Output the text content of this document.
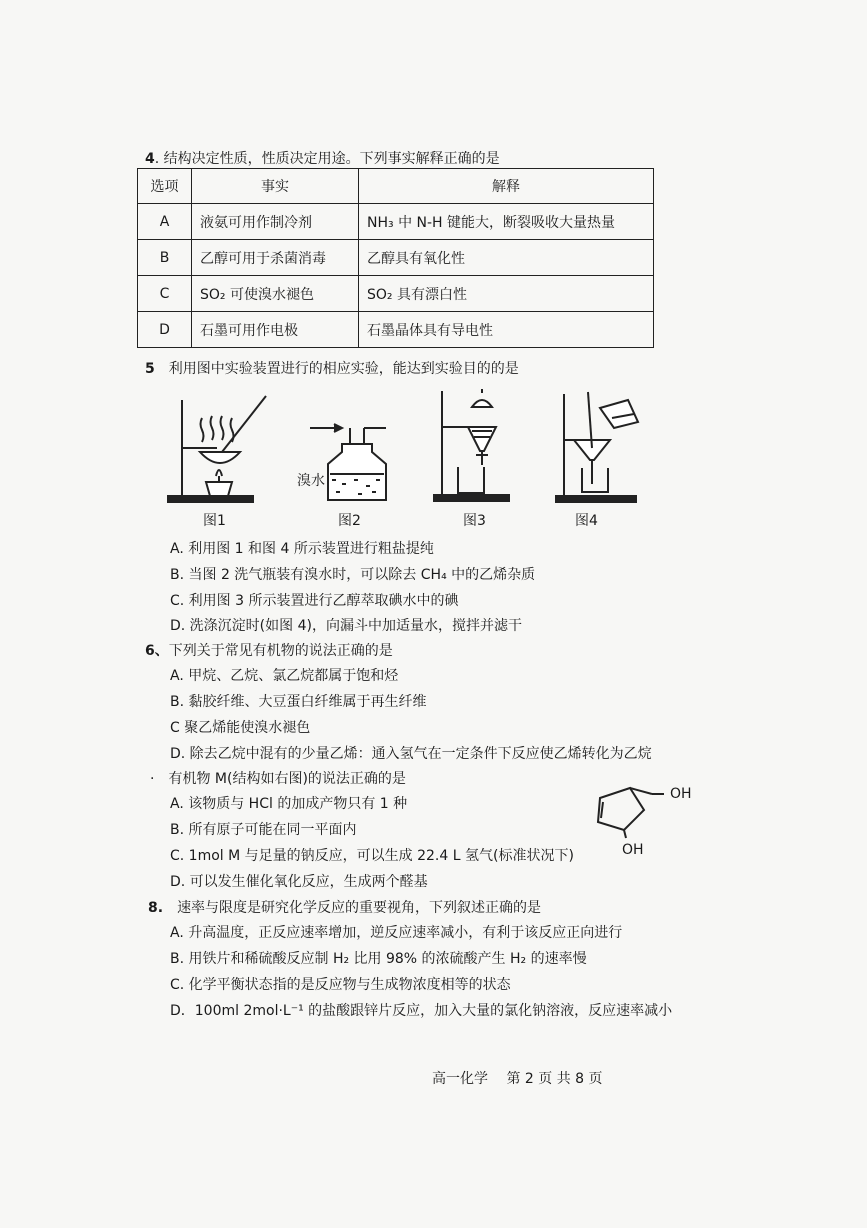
4. 结构决定性质，性质决定用途。下列事实解释正确的是
选项	事实	解释
A	液氨可用作制冷剂	NH₃ 中 N-H 键能大，断裂吸收大量热量
B	乙醇可用于杀菌消毒	乙醇具有氧化性
C	SO₂ 可使溴水褪色	SO₂ 具有漂白性
D	石墨可用作电极	石墨晶体具有导电性
5　 利用图中实验装置进行的相应实验，能达到实验目的的是
图1
溴水
图2	图3	图4
A. 利用图 1 和图 4 所示装置进行粗盐提纯
B. 当图 2 洗气瓶装有溴水时，可以除去 CH₄ 中的乙烯杂质
C. 利用图 3 所示装置进行乙醇萃取碘水中的碘
D. 洗涤沉淀时(如图 4)，向漏斗中加适量水，搅拌并滤干
6、下列关于常见有机物的说法正确的是
A. 甲烷、乙烷、氯乙烷都属于饱和烃
B. 黏胶纤维、大豆蛋白纤维属于再生纤维
C 聚乙烯能使溴水褪色
D. 除去乙烷中混有的少量乙烯：通入氢气在一定条件下反应使乙烯转化为乙烷
·　 有机物 M(结构如右图)的说法正确的是
A. 该物质与 HCl 的加成产物只有 1 种
B. 所有原子可能在同一平面内
C. 1mol M 与足量的钠反应，可以生成 22.4 L 氢气(标准状况下)
D. 可以发生催化氧化反应，生成两个醛基
OH
OH
8.　 速率与限度是研究化学反应的重要视角，下列叙述正确的是
A. 升高温度，正反应速率增加，逆反应速率减小，有利于该反应正向进行
B. 用铁片和稀硫酸反应制 H₂ 比用 98% 的浓硫酸产生 H₂ 的速率慢
C. 化学平衡状态指的是反应物与生成物浓度相等的状态
D．100ml 2mol·L⁻¹ 的盐酸跟锌片反应，加入大量的氯化钠溶液，反应速率减小
高一化学　 第 2 页 共 8 页
